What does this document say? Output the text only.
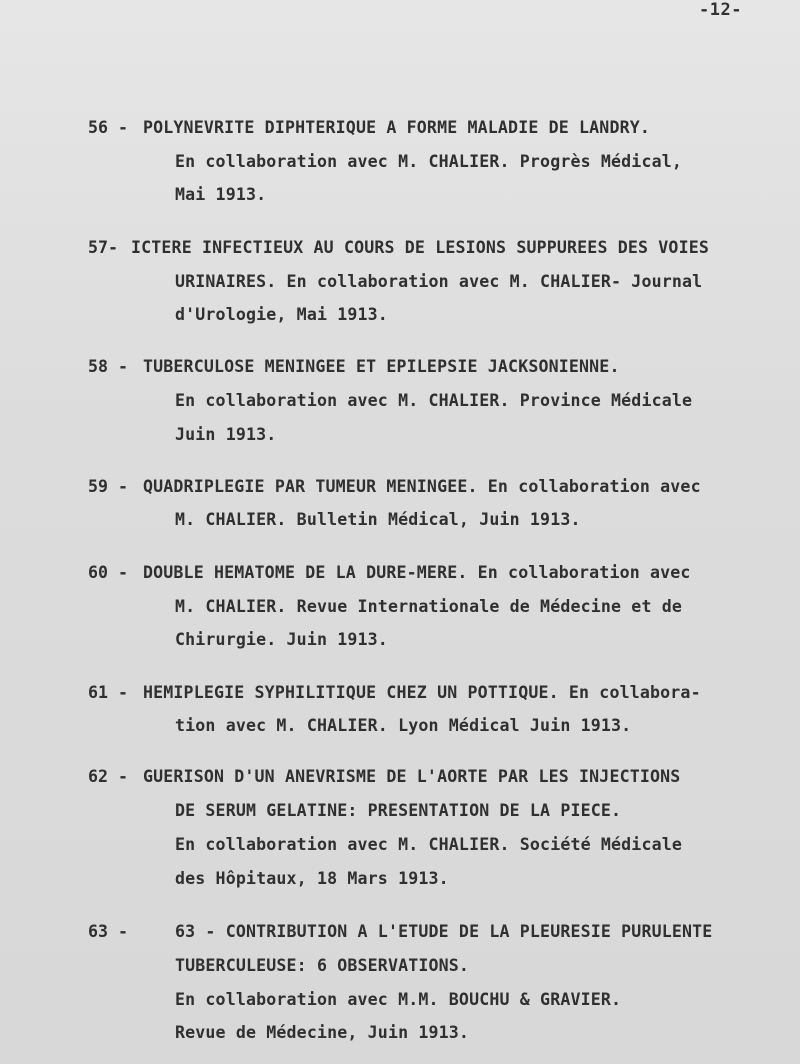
-12-
56 - POLYNEVRITE DIPHTERIQUE A FORME MALADIE DE LANDRY.
En collaboration avec M. CHALIER. Progrès Médical,
Mai 1913.
57- ICTERE INFECTIEUX AU COURS DE LESIONS SUPPUREES DES VOIES
URINAIRES. En collaboration avec M. CHALIER- Journal
d'Urologie, Mai 1913.
58 - TUBERCULOSE MENINGEE ET EPILEPSIE JACKSONIENNE.
En collaboration avec M. CHALIER. Province Médicale
Juin 1913.
59 - QUADRIPLEGIE PAR TUMEUR MENINGEE. En collaboration avec
M. CHALIER. Bulletin Médical, Juin 1913.
60 - DOUBLE HEMATOME DE LA DURE-MERE. En collaboration avec
M. CHALIER. Revue Internationale de Médecine et de
Chirurgie. Juin 1913.
61 - HEMIPLEGIE SYPHILITIQUE CHEZ UN POTTIQUE. En collabora-
tion avec M. CHALIER. Lyon Médical Juin 1913.
62 - GUERISON D'UN ANEVRISME DE L'AORTE PAR LES INJECTIONS
DE SERUM GELATINE: PRESENTATION DE LA PIECE.
En collaboration avec M. CHALIER. Société Médicale
des Hôpitaux, 18 Mars 1913.
63 -	63 - CONTRIBUTION A L'ETUDE DE LA PLEURESIE PURULENTE
TUBERCULEUSE: 6 OBSERVATIONS.
En collaboration avec M.M. BOUCHU & GRAVIER.
Revue de Médecine, Juin 1913.
